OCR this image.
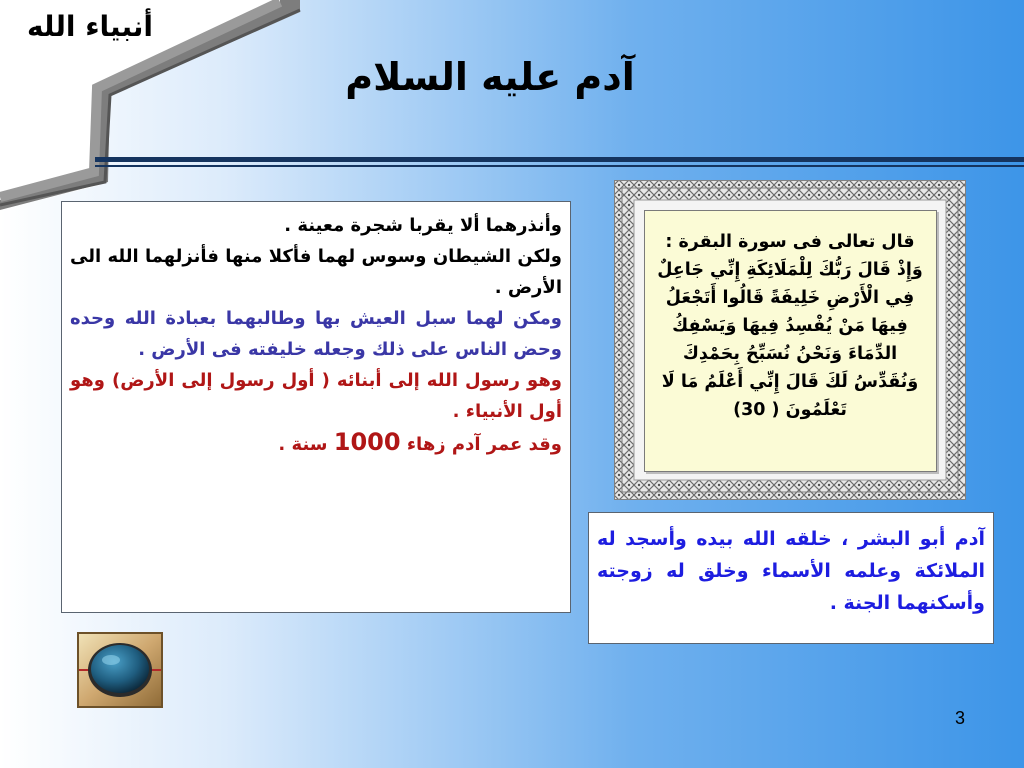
أنبياء الله
آدم عليه السلام

وأنذرهما ألا يقربا شجرة معينة .

ولكن الشيطان وسوس لهما فأكلا منها فأنزلهما الله الى الأرض .

ومكن لهما سبل العيش بها وطالبهما بعبادة الله وحده وحض الناس على ذلك وجعله خليفته فى الأرض .

وهو رسول الله إلى أبنائه ( أول رسول إلى الأرض) وهو أول الأنبياء .

وقد عمر آدم زهاء 1000 سنة .

قال تعالى فى سورة البقرة :

وَإِذْ قَالَ رَبُّكَ لِلْمَلَائِكَةِ إِنِّي جَاعِلٌ فِي الْأَرْضِ خَلِيفَةً قَالُوا أَتَجْعَلُ فِيهَا مَنْ يُفْسِدُ فِيهَا وَيَسْفِكُ الدِّمَاءَ وَنَحْنُ نُسَبِّحُ بِحَمْدِكَ وَنُقَدِّسُ لَكَ قَالَ إِنِّي أَعْلَمُ مَا لَا تَعْلَمُونَ ( 30)

آدم أبو البشر ، خلقه الله بيده وأسجد له الملائكة وعلمه الأسماء وخلق له زوجته وأسكنهما الجنة .
3
